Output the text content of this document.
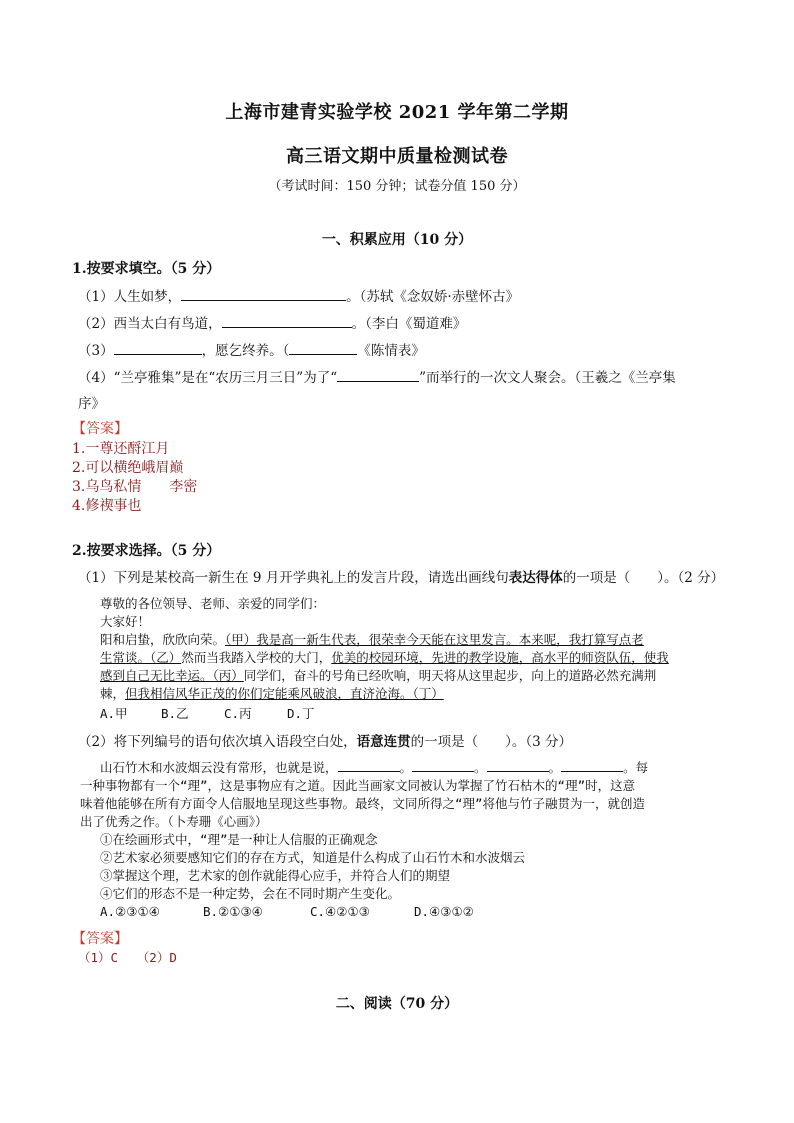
上海市建青实验学校 2021 学年第二学期
高三语文期中质量检测试卷
（考试时间：150 分钟；试卷分值 150 分）
一、积累应用（10 分）
1.按要求填空。（5 分）
（1）人生如梦，	。（苏轼《念奴娇·赤壁怀古》
（2）西当太白有鸟道，	。（李白《蜀道难》
（3）	，愿乞终养。（	《陈情表》
（4）“兰亭雅集”是在“农历三月三日”为了“	”而举行的一次文人聚会。（王羲之《兰亭集
序》
【答案】
1.一尊还酹江月
2.可以横绝峨眉巅
3.乌鸟私情　　李密
4.修禊事也
2.按要求选择。（5 分）
（1）下列是某校高一新生在 9 月开学典礼上的发言片段，请选出画线句表达得体的一项是（　　）。（2 分）
尊敬的各位领导、老师、亲爱的同学们：
大家好！
阳和启蛰，欣欣向荣。（甲）我是高一新生代表，很荣幸今天能在这里发言。本来呢，我打算写点老
生常谈。（乙）然而当我踏入学校的大门，优美的校园环境，先进的教学设施，高水平的师资队伍，使我
感到自己无比幸运。（丙）同学们，奋斗的号角已经吹响，明天将从这里起步，向上的道路必然充满荆
棘，但我相信风华正茂的你们定能乘风破浪，直济沧海。（丁）
A.甲	B.乙	C.丙	D.丁
（2）将下列编号的语句依次填入语段空白处，语意连贯的一项是（　　）。（3 分）
山石竹木和水波烟云没有常形，也就是说，	。	。	。	。每
一种事物都有一个“理”，这是事物应有之道。因此当画家文同被认为掌握了竹石枯木的“理”时，这意
味着他能够在所有方面令人信服地呈现这些事物。最终，文同所得之“理”将他与竹子融贯为一，就创造
出了优秀之作。（卜寿珊《心画》）
①在绘画形式中，“理”是一种让人信服的正确观念
②艺术家必须要感知它们的存在方式，知道是什么构成了山石竹木和水波烟云
③掌握这个理，艺术家的创作就能得心应手，并符合人们的期望
④它们的形态不是一种定势，会在不同时期产生变化。
A.②③①④	B.②①③④	C.④②①③	D.④③①②
【答案】
（1）C　　（2）D
二、阅读（70 分）
